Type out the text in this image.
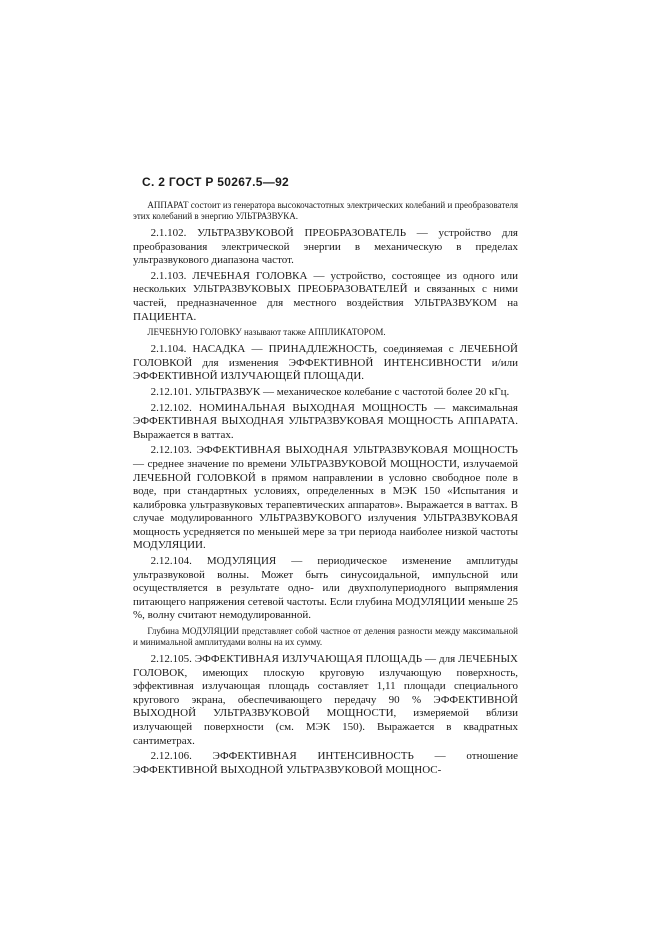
С. 2 ГОСТ Р 50267.5—92

АППАРАТ состоит из генератора высокочастотных электрических колебаний и преобразователя этих колебаний в энергию УЛЬТРАЗВУКА.

2.1.102. УЛЬТРАЗВУКОВОЙ ПРЕОБРАЗОВАТЕЛЬ — устройство для преобразования электрической энергии в механическую в пределах ультразвукового диапазона частот.

2.1.103. ЛЕЧЕБНАЯ ГОЛОВКА — устройство, состоящее из одного или нескольких УЛЬТРАЗВУКОВЫХ ПРЕОБРАЗОВАТЕЛЕЙ и связанных с ними частей, предназначенное для местного воздействия УЛЬТРАЗВУКОМ на ПАЦИЕНТА.

ЛЕЧЕБНУЮ ГОЛОВКУ называют также АППЛИКАТОРОМ.

2.1.104. НАСАДКА — ПРИНАДЛЕЖНОСТЬ, соединяемая с ЛЕЧЕБНОЙ ГОЛОВКОЙ для изменения ЭФФЕКТИВНОЙ ИНТЕНСИВНОСТИ и/или ЭФФЕКТИВНОЙ ИЗЛУЧАЮЩЕЙ ПЛОЩАДИ.

2.12.101. УЛЬТРАЗВУК — механическое колебание с частотой более 20 кГц.

2.12.102. НОМИНАЛЬНАЯ ВЫХОДНАЯ МОЩНОСТЬ — максимальная ЭФФЕКТИВНАЯ ВЫХОДНАЯ УЛЬТРАЗВУКОВАЯ МОЩНОСТЬ АППАРАТА. Выражается в ваттах.

2.12.103. ЭФФЕКТИВНАЯ ВЫХОДНАЯ УЛЬТРАЗВУКОВАЯ МОЩНОСТЬ — среднее значение по времени УЛЬТРАЗВУКОВОЙ МОЩНОСТИ, излучаемой ЛЕЧЕБНОЙ ГОЛОВКОЙ в прямом направлении в условно свободное поле в воде, при стандартных условиях, определенных в МЭК 150 «Испытания и калибровка ультразвуковых терапевтических аппаратов». Выражается в ваттах. В случае модулированного УЛЬТРАЗВУКОВОГО излучения УЛЬТРАЗВУКОВАЯ мощность усредняется по меньшей мере за три периода наиболее низкой частоты МОДУЛЯЦИИ.

2.12.104. МОДУЛЯЦИЯ — периодическое изменение амплитуды ультразвуковой волны. Может быть синусоидальной, импульсной или осуществляется в результате одно- или двухполупериодного выпрямления питающего напряжения сетевой частоты. Если глубина МОДУЛЯЦИИ меньше 25 %, волну считают немодулированной.

Глубина МОДУЛЯЦИИ представляет собой частное от деления разности между максимальной и минимальной амплитудами волны на их сумму.

2.12.105. ЭФФЕКТИВНАЯ ИЗЛУЧАЮЩАЯ ПЛОЩАДЬ — для ЛЕЧЕБНЫХ ГОЛОВОК, имеющих плоскую круговую излучающую поверхность, эффективная излучающая площадь составляет 1,11 площади специального кругового экрана, обеспечивающего передачу 90 % ЭФФЕКТИВНОЙ ВЫХОДНОЙ УЛЬТРАЗВУКОВОЙ МОЩНОСТИ, измеряемой вблизи излучающей поверхности (см. МЭК 150). Выражается в квадратных сантиметрах.

2.12.106. ЭФФЕКТИВНАЯ ИНТЕНСИВНОСТЬ — отношение ЭФФЕКТИВНОЙ ВЫХОДНОЙ УЛЬТРАЗВУКОВОЙ МОЩНОС-
